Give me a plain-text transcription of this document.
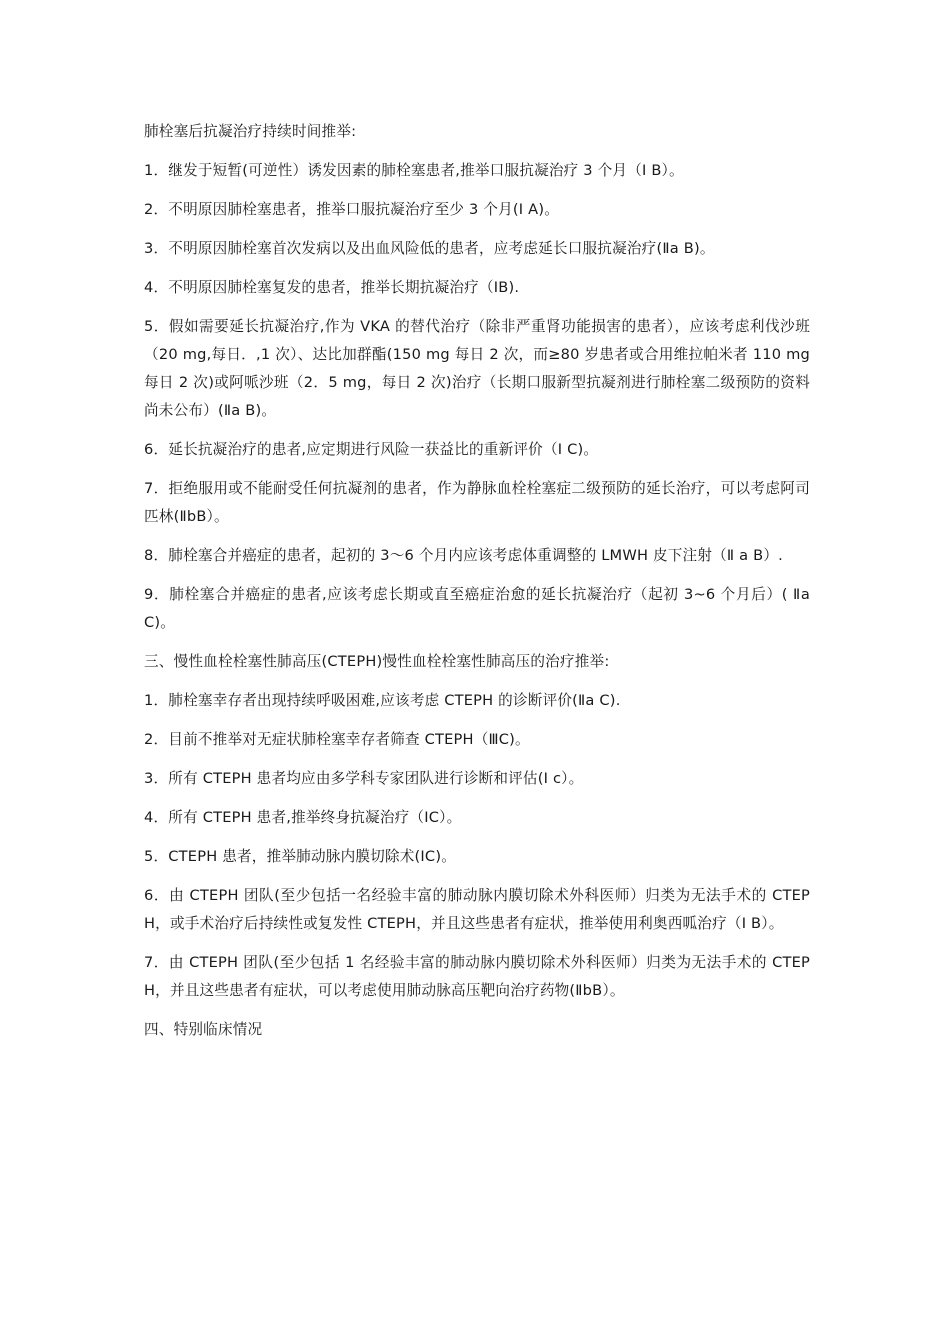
肺栓塞后抗凝治疗持续时间推举:

1．继发于短暂(可逆性）诱发因素的肺栓塞患者,推举口服抗凝治疗 3 个月（I B）。

2．不明原因肺栓塞患者，推举口服抗凝治疗至少 3 个月(I A)。

3．不明原因肺栓塞首次发病以及出血风险低的患者，应考虑延长口服抗凝治疗(Ⅱa B)。

4．不明原因肺栓塞复发的患者，推举长期抗凝治疗（IB).

5．假如需要延长抗凝治疗,作为 VKA 的替代治疗（除非严重肾功能损害的患者），应该考虑利伐沙班（20 mg,每日．,1 次）、达比加群酯(150 mg 每日 2 次，而≥80 岁患者或合用维拉帕米者 110 mg 每日 2 次)或阿哌沙班（2．5 mg，每日 2 次)治疗（长期口服新型抗凝剂进行肺栓塞二级预防的资料尚未公布）(Ⅱa B)。

6．延长抗凝治疗的患者,应定期进行风险一获益比的重新评价（I C)。

7．拒绝服用或不能耐受任何抗凝剂的患者，作为静脉血栓栓塞症二级预防的延长治疗，可以考虑阿司匹林(ⅡbB）。

8．肺栓塞合并癌症的患者，起初的 3～6 个月内应该考虑体重调整的 LMWH 皮下注射（Ⅱ a B）.

9．肺栓塞合并癌症的患者,应该考虑长期或直至癌症治愈的延长抗凝治疗（起初 3~6 个月后）( Ⅱa C)。

三、慢性血栓栓塞性肺高压(CTEPH)慢性血栓栓塞性肺高压的治疗推举:

1．肺栓塞幸存者出现持续呼吸困难,应该考虑 CTEPH 的诊断评价(Ⅱa C).

2．目前不推举对无症状肺栓塞幸存者筛查 CTEPH（ⅢC)。

3．所有 CTEPH 患者均应由多学科专家团队进行诊断和评估(I c）。

4．所有 CTEPH 患者,推举终身抗凝治疗（IC）。

5．CTEPH 患者，推举肺动脉内膜切除术(IC)。

6．由 CTEPH 团队(至少包括一名经验丰富的肺动脉内膜切除术外科医师）归类为无法手术的 CTEPH，或手术治疗后持续性或复发性 CTEPH，并且这些患者有症状，推举使用利奥西呱治疗（I B）。

7．由 CTEPH 团队(至少包括 1 名经验丰富的肺动脉内膜切除术外科医师）归类为无法手术的 CTEPH，并且这些患者有症状，可以考虑使用肺动脉高压靶向治疗药物(ⅡbB）。

四、特别临床情况
